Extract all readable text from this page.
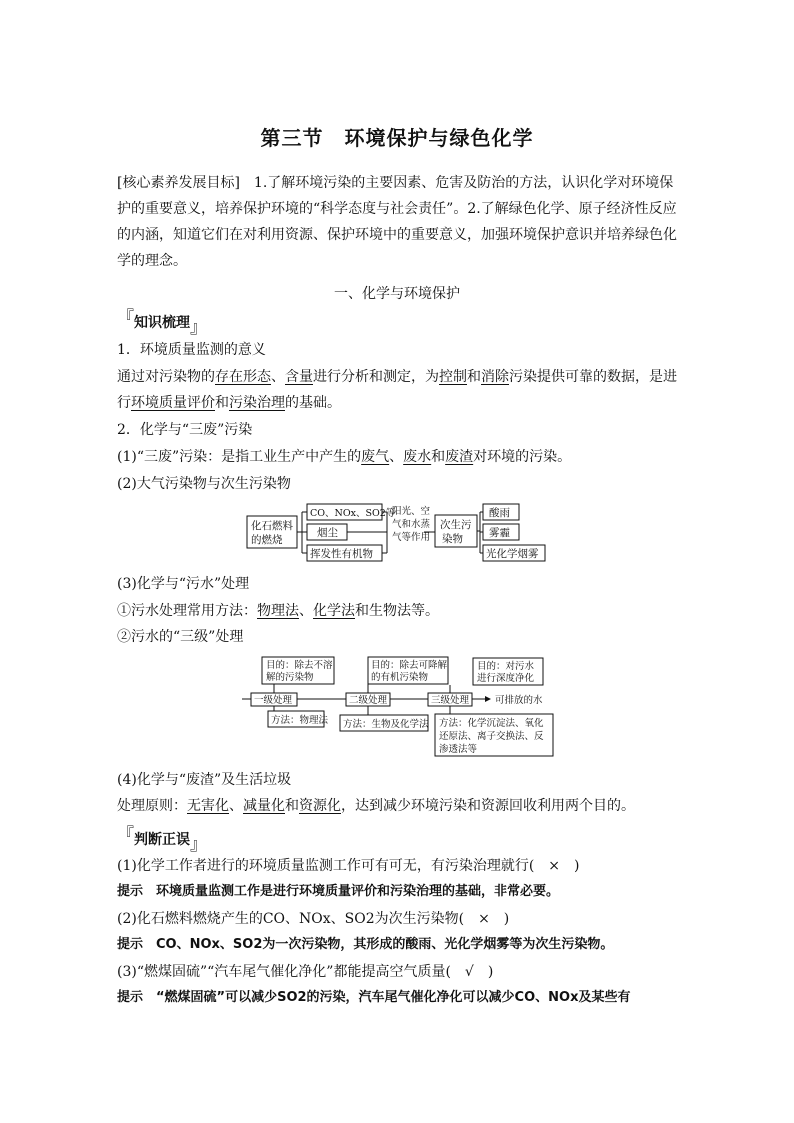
第三节　环境保护与绿色化学
[核心素养发展目标]　1.了解环境污染的主要因素、危害及防治的方法，认识化学对环境保护的重要意义，培养保护环境的“科学态度与社会责任”。2.了解绿色化学、原子经济性反应的内涵，知道它们在对利用资源、保护环境中的重要意义，加强环境保护意识并培养绿色化学的理念。
一、化学与环境保护
『知识梳理』
1．环境质量监测的意义
通过对污染物的存在形态、含量进行分析和测定，为控制和消除污染提供可靠的数据，是进行环境质量评价和污染治理的基础。
2．化学与“三废”污染
(1)“三废”污染：是指工业生产中产生的废气、废水和废渣对环境的污染。
(2)大气污染物与次生污染物
化石燃料
的燃烧
CO、NOx、SO2等
烟尘
挥发性有机物
阳光、空
气和水蒸
气等作用
次生污
染物
酸雨
雾霾
光化学烟雾
(3)化学与“污水”处理
①污水处理常用方法：物理法、化学法和生物法等。
②污水的“三级”处理
目的：除去不溶
解的污染物
目的：除去可降解
的有机污染物
目的：对污水
进行深度净化
一级处理	二级处理	三级处理	可排放的水
方法：物理法 方法：生物及化学法 方法：化学沉淀法、氧化
还原法、离子交换法、反
渗透法等
(4)化学与“废渣”及生活垃圾
处理原则：无害化、减量化和资源化，达到减少环境污染和资源回收利用两个目的。
『判断正误』
(1)化学工作者进行的环境质量监测工作可有可无，有污染治理就行(　×　)
提示　环境质量监测工作是进行环境质量评价和污染治理的基础，非常必要。
(2)化石燃料燃烧产生的CO、NOx、SO2为次生污染物(　×　)
提示　CO、NOx、SO2为一次污染物，其形成的酸雨、光化学烟雾等为次生污染物。
(3)“燃煤固硫”“汽车尾气催化净化”都能提高空气质量(　√　)
提示　“燃煤固硫”可以减少SO2的污染，汽车尾气催化净化可以减少CO、NOx及某些有
